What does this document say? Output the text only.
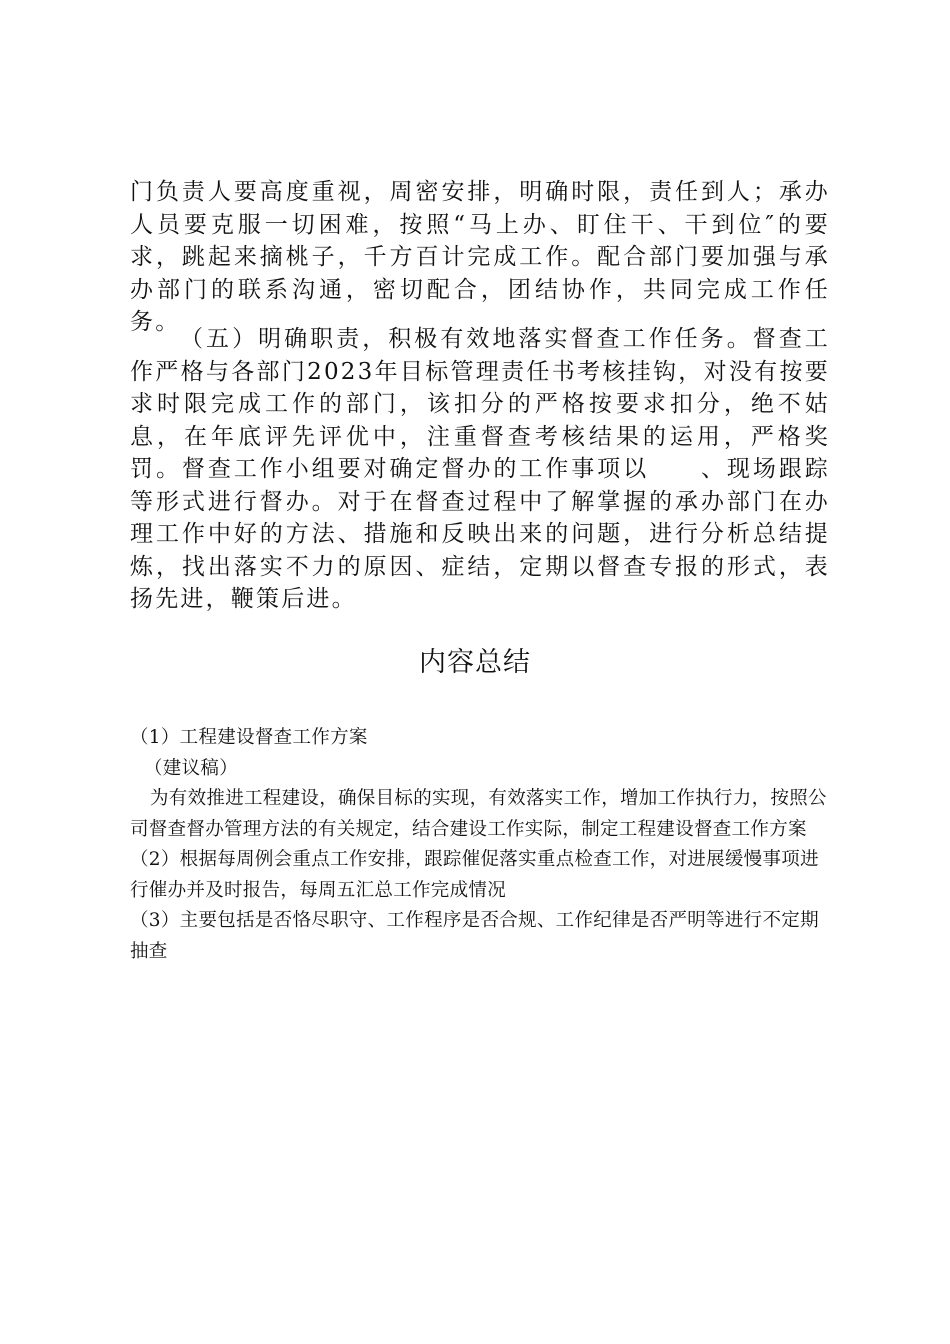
门负责人要高度重视，周密安排，明确时限，责任到人；承办人员要克服一切困难，按照“马上办、盯住干、干到位″的要求，跳起来摘桃子，千方百计完成工作。配合部门要加强与承办部门的联系沟通，密切配合，团结协作，共同完成工作任务。

（五）明确职责，积极有效地落实督查工作任务。督查工作严格与各部门2023年目标管理责任书考核挂钩，对没有按要求时限完成工作的部门，该扣分的严格按要求扣分，绝不姑息，在年底评先评优中，注重督查考核结果的运用，严格奖罚。督查工作小组要对确定督办的工作事项以　　、现场跟踪等形式进行督办。对于在督查过程中了解掌握的承办部门在办理工作中好的方法、措施和反映出来的问题，进行分析总结提炼，找出落实不力的原因、症结，定期以督查专报的形式，表扬先进，鞭策后进。

内容总结

（1）工程建设督查工作方案

（建议稿）

为有效推进工程建设，确保目标的实现，有效落实工作，增加工作执行力，按照公司督查督办管理方法的有关规定，结合建设工作实际，制定工程建设督查工作方案

（2）根据每周例会重点工作安排，跟踪催促落实重点检查工作，对进展缓慢事项进行催办并及时报告，每周五汇总工作完成情况

（3）主要包括是否恪尽职守、工作程序是否合规、工作纪律是否严明等进行不定期抽查
